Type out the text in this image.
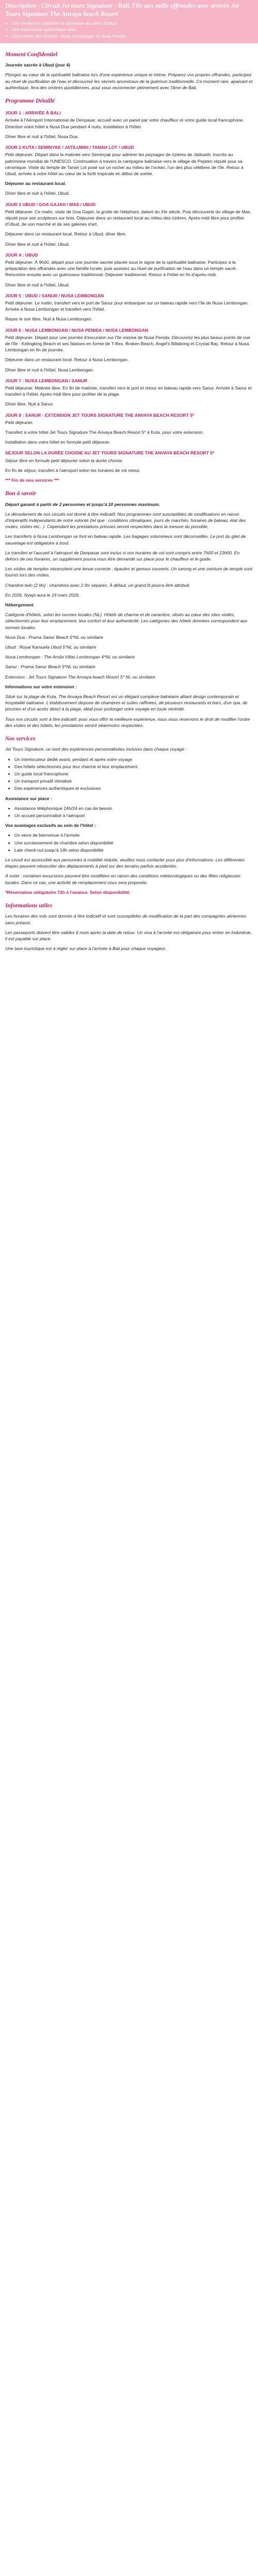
Description - Circuit Jet tours Signature - Bali, l'île aux mille offrandes avec arrivée Jet Tours Signature The Anvaya beach Resort
• Une immersion culturelle et artisanale au cœur d'Ubud
• Une expérience authentique avec
• Découverte des rizières : Nusa Lembongan et Nusa Penida
Moment Confidentiel

Journée sacrée à Ubud (jour 4)

Plongez au cœur de la spiritualité balinaise lors d'une expérience unique et intime. Préparez vos propres offrandes, participez au rituel de purification de l'eau et découvrez les secrets ancestraux de la guérison traditionnelle. Ce moment rare, apaisant et authentique, fera des ombres quotidiennes, pour vous reconnecter pleinement avec l'âme de Bali.

Programme Détaillé
JOUR 1 : ARRIVÉE À BALI

Arrivée à l'Aéroport International de Denpasar, accueil avec un panel par votre chauffeur et votre guide local francophone. Direction votre hôtel à Nusa Dua pendant 4 nuits, installation à l'hôtel.

Dîner libre et nuit à l'hôtel, Nusa Dua.

JOUR 2 KUTA / SEMINYAK / JATILUWIH / TANAH LOT / UBUD

Petit déjeuner. Départ dans la matinée vers Seminyak pour admirer les paysages de rizières de Jatiluwih, inscrits au patrimoine mondial de l'UNESCO. Continuation à travers la campagne balinaise vers le village de Pejaten réputé pour sa céramique. Visite du temple de Tanah Lot posé sur un rocher au milieu de l'océan, l'un des plus célèbres de l'île. Retour à Ubud, arrivée à votre hôtel au cœur de la forêt tropicale en début de soirée.

Déjeuner au restaurant local.

Dîner libre et nuit à l'hôtel, Ubud.

JOUR 3 UBUD / GOA GAJAH / MAS / UBUD

Petit déjeuner. Ce matin, visite de Goa Gajah, la grotte de l'éléphant, datant du XIe siècle. Puis découverte du village de Mas, réputé pour ses sculpteurs sur bois. Déjeuner dans un restaurant local au milieu des rizières. Après-midi libre pour profiter d'Ubud, de son marché et de ses galeries d'art.

Déjeuner dans un restaurant local. Retour à Ubud, dîner libre.

Dîner libre et nuit à l'hôtel, Ubud.

JOUR 4 : UBUD

Petit déjeuner. À 9h00, départ pour une journée sacrée placée sous le signe de la spiritualité balinaise. Participez à la préparation des offrandes avec une famille locale, puis assistez au rituel de purification de l'eau dans un temple sacré. Rencontre ensuite avec un guérisseur traditionnel. Déjeuner traditionnel. Retour à l'hôtel en fin d'après-midi.

Dîner libre et nuit à l'hôtel, Ubud.

JOUR 5 : UBUD / SANUR / NUSA LEMBONGAN

Petit déjeuner. Le matin, transfert vers le port de Sanur pour embarquer sur un bateau rapide vers l'île de Nusa Lembongan. Arrivée à Nusa Lembongan et transfert vers l'hôtel.

Repas le soir libre. Nuit à Nusa Lembongan.

JOUR 6 : NUSA LEMBONGAN / NUSA PENIDA / NUSA LEMBONGAN

Petit déjeuner. Départ pour une journée d'excursion sur l'île voisine de Nusa Penida. Découvrez les plus beaux points de vue de l'île : Kelingking Beach et ses falaises en forme de T-Rex, Broken Beach, Angel's Billabong et Crystal Bay. Retour à Nusa Lembongan en fin de journée.

Déjeuner dans un restaurant local. Retour à Nusa Lembongan.

Dîner libre et nuit à l'hôtel, Nusa Lembongan.

JOUR 7 : NUSA LEMBONGAN / SANUR

Petit déjeuner. Matinée libre. En fin de matinée, transfert vers le port et retour en bateau rapide vers Sanur. Arrivée à Sanur et transfert à l'hôtel. Après-midi libre pour profiter de la plage.

Dîner libre. Nuit à Sanur.

JOUR 8 : SANUR - EXTENSION JET TOURS SIGNATURE THE ANVAYA BEACH RESORT 5*

Petit déjeuner.

Transfert à votre hôtel Jet Tours Signature The Anvaya Beach Resort 5* à Kuta, pour votre extension.

Installation dans votre hôtel en formule petit déjeuner.

SEJOUR SELON LA DURÉE CHOISIE AU JET TOURS SIGNATURE THE ANVAYA BEACH RESORT 5*

Séjour libre en formule petit déjeuner selon la durée choisie.

En fin de séjour, transfert à l'aéroport selon les horaires de vol retour.

*** Fin de nos services ***

Bon à savoir

Départ garanti à partir de 2 personnes et jusqu'à 10 personnes maximum.

Le déroulement de nos circuits est donné à titre indicatif. Nos programmes sont susceptibles de modifications en raison d'impératifs indépendants de notre volonté (tel que : conditions climatiques, jours de marchés, horaires de bateau, état des routes, visites etc...). Cependant les prestations prévues seront respectées dans la mesure du possible.

Les transferts à Nusa Lembongan se font en bateau rapide. Les bagages volumineux sont déconseillés. Le port du gilet de sauvetage est obligatoire à bord.

Le transfert et l'accueil à l'aéroport de Denpasar sont inclus si vos horaires de vol sont compris entre 7h00 et 23h00. En dehors de ces horaires, un supplément pourra vous être demandé sur place pour le chauffeur et le guide.

Les visites de temples nécessitent une tenue correcte : épaules et genoux couverts. Un sarong et une ceinture de temple sont fournis lors des visites.

Chambre twin (2 lits) : chambres avec 2 lits séparés. À défaut, un grand lit pourra être attribué.

En 2026, Nyepi aura le 19 mars 2026.

Hébergement

Catégorie d'hôtels, selon les normes locales (NL). Hôtels de charme et de caractère, situés au cœur des sites visités, sélectionnés pour leur emplacement, leur confort et leur authenticité. Les catégories des hôtels données correspondent aux normes locales.

Nusa Dua : Prama Sanur Beach 5*NL ou similaire

Ubud : Royal Kamuela Ubud 5*NL ou similaire

Nusa Lembongan : The Arsila Villas Lembongan 4*NL ou similaire

Sanur : Prama Sanur Beach 5*NL ou similaire

Extension : Jet Tours Signature The Anvaya beach Resort 5* NL ou similaire.

Informations sur votre extension :

Situé sur la plage de Kuta, The Anvaya Beach Resort est un élégant complexe balnéaire alliant design contemporain et hospitalité balinaise. L'établissement dispose de chambres et suites raffinées, de plusieurs restaurants et bars, d'un spa, de piscines et d'un accès direct à la plage, idéal pour prolonger votre voyage en toute sérénité.

Tous nos circuits sont à titre indicatif, pour vous offrir la meilleure expérience, nous nous réservons le droit de modifier l'ordre des visites et des hôtels, les prestations seront néanmoins respectées.

Nos services

Jet Tours Signature, ce sont des expériences personnalisées incluses dans chaque voyage :

• Un interlocuteur dédié avant, pendant et après votre voyage
• Des hôtels sélectionnés pour leur charme et leur emplacement
• Un guide local francophone
• Un transport privatif climatisé
• Des expériences authentiques et exclusives

Assistance sur place :

• Assistance téléphonique 24h/24 en cas de besoin
• Un accueil personnalisé à l'aéroport

Vos avantages exclusifs au sein de l'hôtel :

• Un verre de bienvenue à l'arrivée
• Une surclassement de chambre selon disponibilité
• Late check-out jusqu'à 14h selon disponibilité

Le circuit est accessible aux personnes à mobilité réduite, veuillez nous contacter pour plus d'informations. Les différentes étapes peuvent nécessiter des déplacements à pied sur des terrains parfois accidentés.

À noter : certaines excursions peuvent être modifiées en raison des conditions météorologiques ou des fêtes religieuses locales. Dans ce cas, une activité de remplacement vous sera proposée.

*Réservation obligatoire 72h à l'avance. Selon disponibilité.

Informations utiles

Les horaires des vols sont donnés à titre indicatif et sont susceptibles de modification de la part des compagnies aériennes sans préavis.

Les passeports doivent être valides 6 mois après la date de retour. Un visa à l'arrivée est obligatoire pour entrer en Indonésie, il est payable sur place.

Une taxe touristique est à régler sur place à l'arrivée à Bali pour chaque voyageur.
